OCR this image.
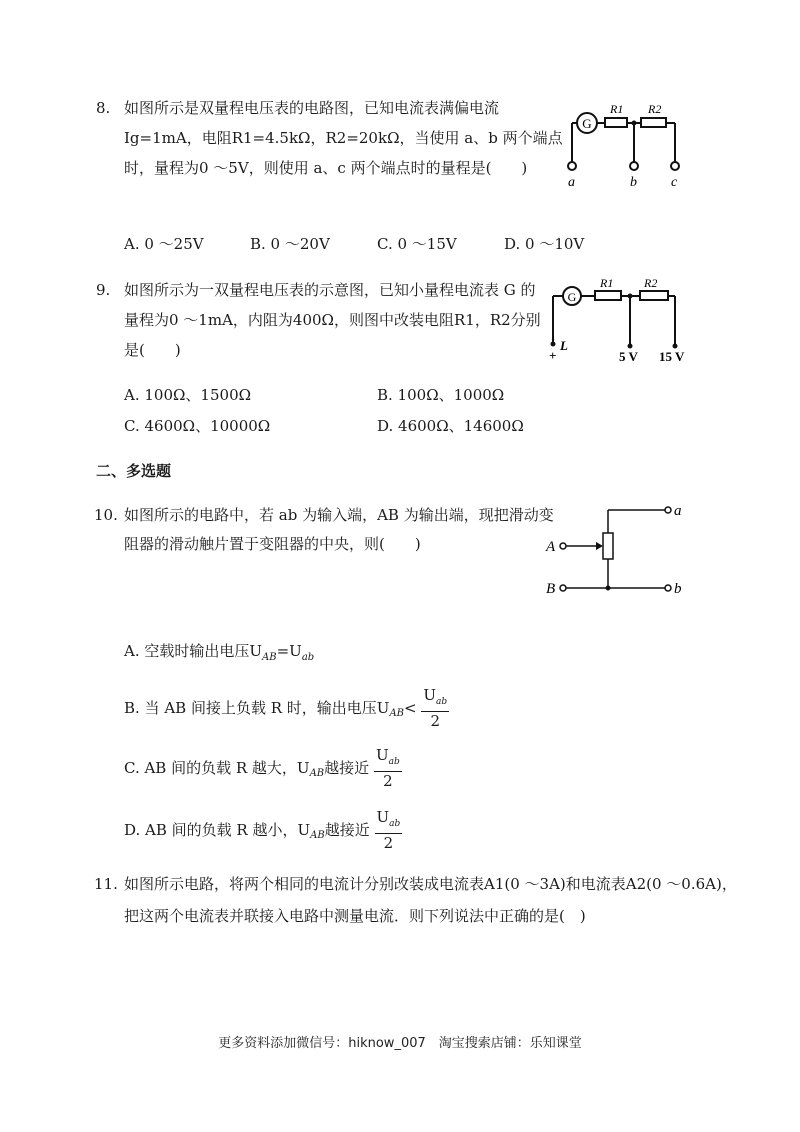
8. 如图所示是双量程电压表的电路图，已知电流表满偏电流
Ig=1mA，电阻R1=4.5kΩ，R2=20kΩ，当使用 a、b 两个端点
时，量程为0 ～5V，则使用 a、c 两个端点时的量程是(　　)
G
R1 R2
a	b c
A. 0 ～25V	B. 0 ～20V	C. 0 ～15V	D. 0 ～10V
9. 如图所示为一双量程电压表的示意图，已知小量程电流表 G 的
量程为0 ～1mA，内阻为400Ω，则图中改装电阻R1，R2分别
是(　　)
G
R1	R2
L
+	5 V 15 V
A. 100Ω、1500Ω	B. 100Ω、1000Ω
C. 4600Ω、10000Ω	D. 4600Ω、14600Ω
二、多选题
10. 如图所示的电路中，若 ab 为输入端，AB 为输出端，现把滑动变
阻器的滑动触片置于变阻器的中央，则(　　)
a
A
B	b
A. 空载时输出电压$U_{AB}=U_{ab}$
B. 当 AB 间接上负载 R 时，输出电压$U_{AB}< \frac{U_{ab}}{2}$
C. AB 间的负载 R 越大，$U_{AB}$越接近 $\frac{U_{ab}}{2}$
D. AB 间的负载 R 越小，$U_{AB}$越接近 $\frac{U_{ab}}{2}$
11. 如图所示电路，将两个相同的电流计分别改装成电流表A1(0 ～3A)和电流表A2(0 ～0.6A)，
把这两个电流表并联接入电路中测量电流．则下列说法中正确的是(　)
更多资料添加微信号：hiknow_007　淘宝搜索店铺：乐知课堂
